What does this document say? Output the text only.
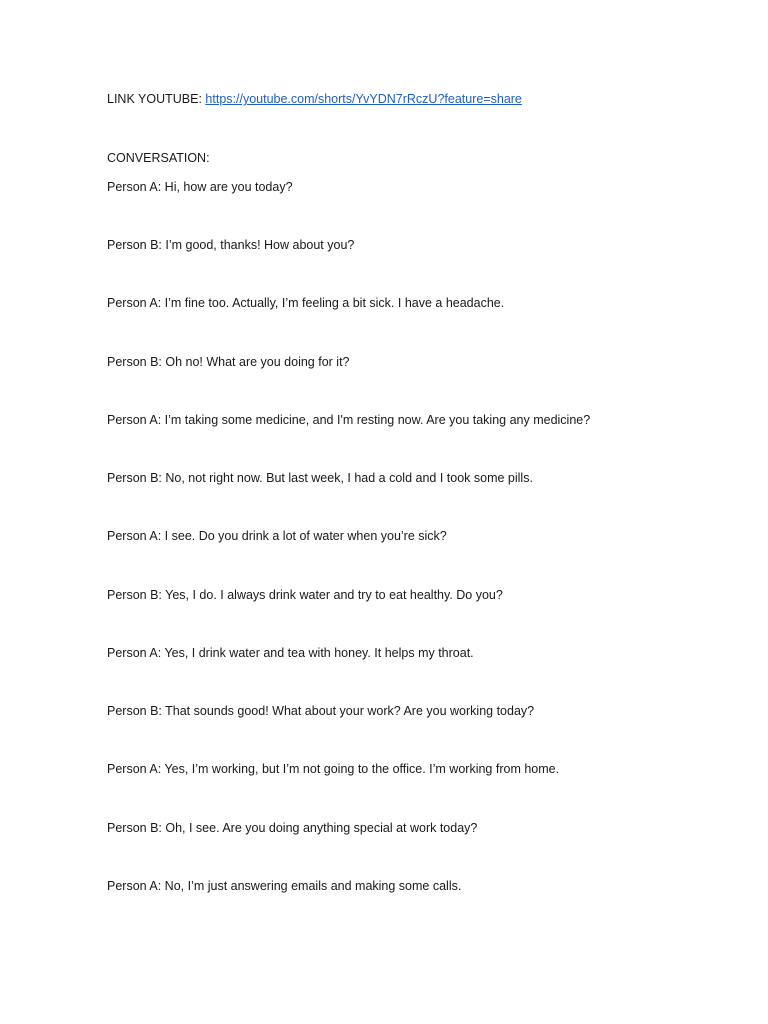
LINK YOUTUBE: https://youtube.com/shorts/YvYDN7rRczU?feature=share
CONVERSATION:
Person A: Hi, how are you today?
Person B: I’m good, thanks! How about you?
Person A: I’m fine too. Actually, I’m feeling a bit sick. I have a headache.
Person B: Oh no! What are you doing for it?
Person A: I’m taking some medicine, and I'm resting now. Are you taking any medicine?
Person B: No, not right now. But last week, I had a cold and I took some pills.
Person A: I see. Do you drink a lot of water when you’re sick?
Person B: Yes, I do. I always drink water and try to eat healthy. Do you?
Person A: Yes, I drink water and tea with honey. It helps my throat.
Person B: That sounds good! What about your work? Are you working today?
Person A: Yes, I’m working, but I’m not going to the office. I’m working from home.
Person B: Oh, I see. Are you doing anything special at work today?
Person A: No, I’m just answering emails and making some calls.
